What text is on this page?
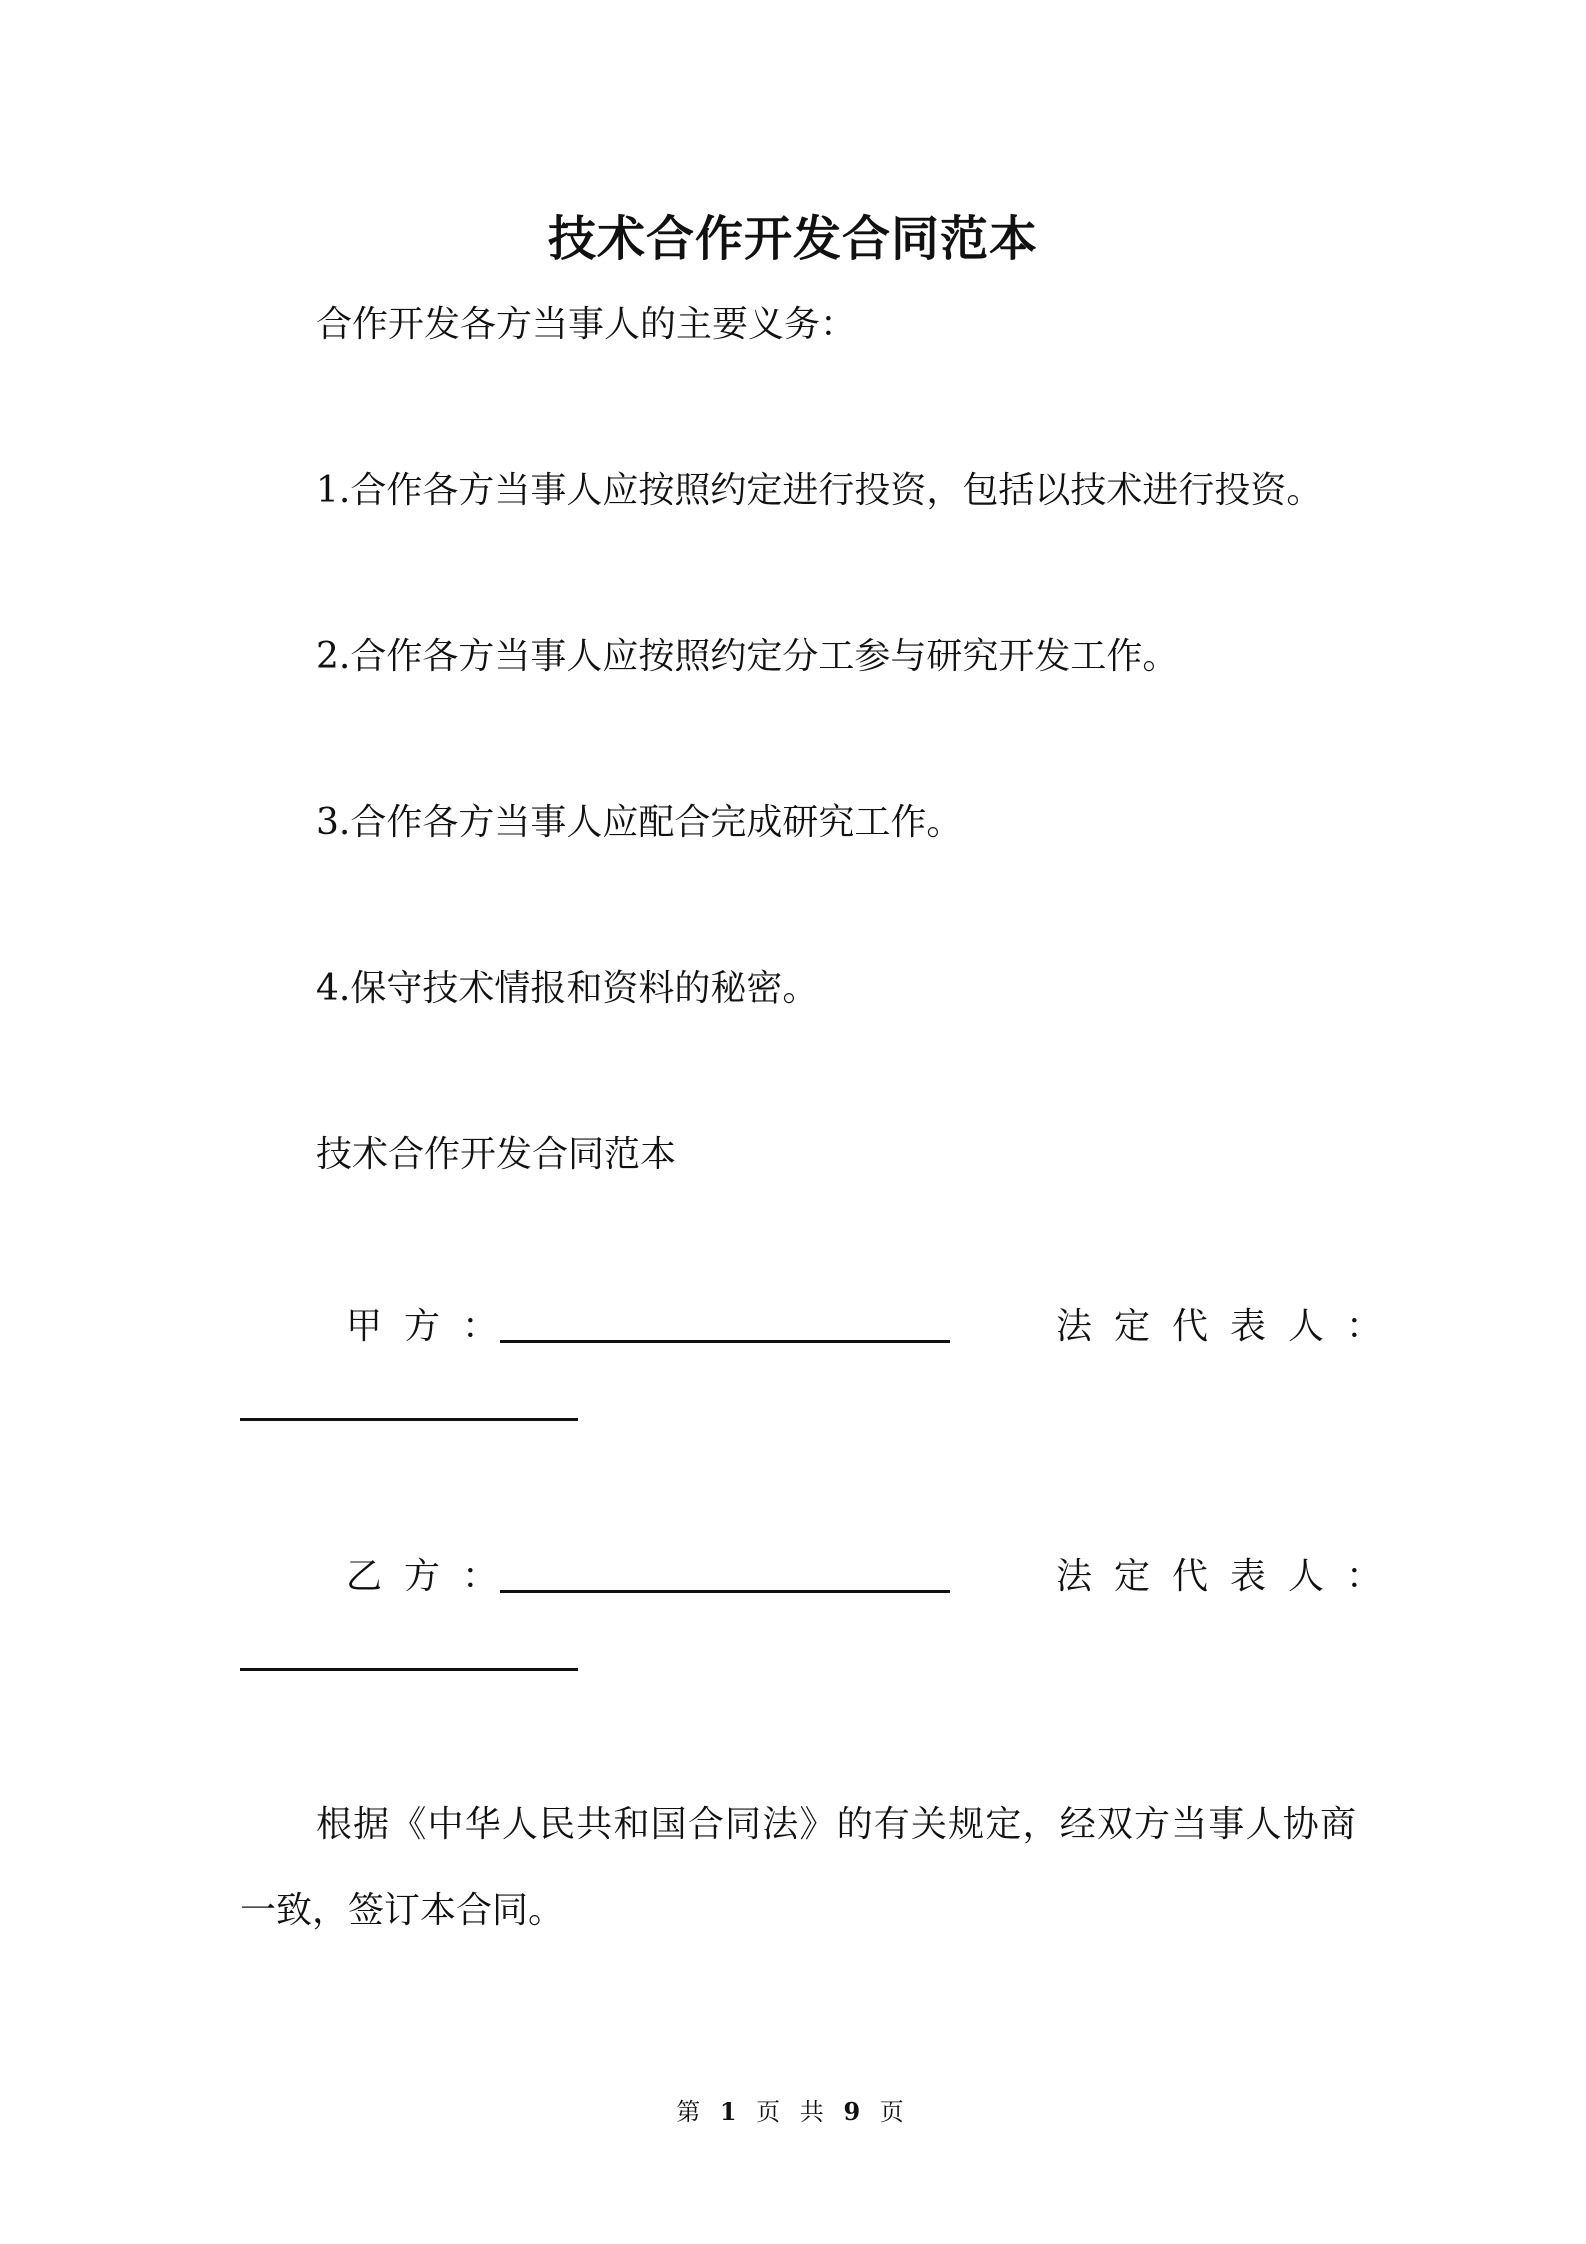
技术合作开发合同范本
合作开发各方当事人的主要义务：
1.合作各方当事人应按照约定进行投资，包括以技术进行投资。
2.合作各方当事人应按照约定分工参与研究开发工作。
3.合作各方当事人应配合完成研究工作。
4.保守技术情报和资料的秘密。
技术合作开发合同范本
甲方：	法定代表人：
乙方：	法定代表人：
根据《中华人民共和国合同法》的有关规定，经双方当事人协商一致，签订本合同。
第 1 页 共 9 页
